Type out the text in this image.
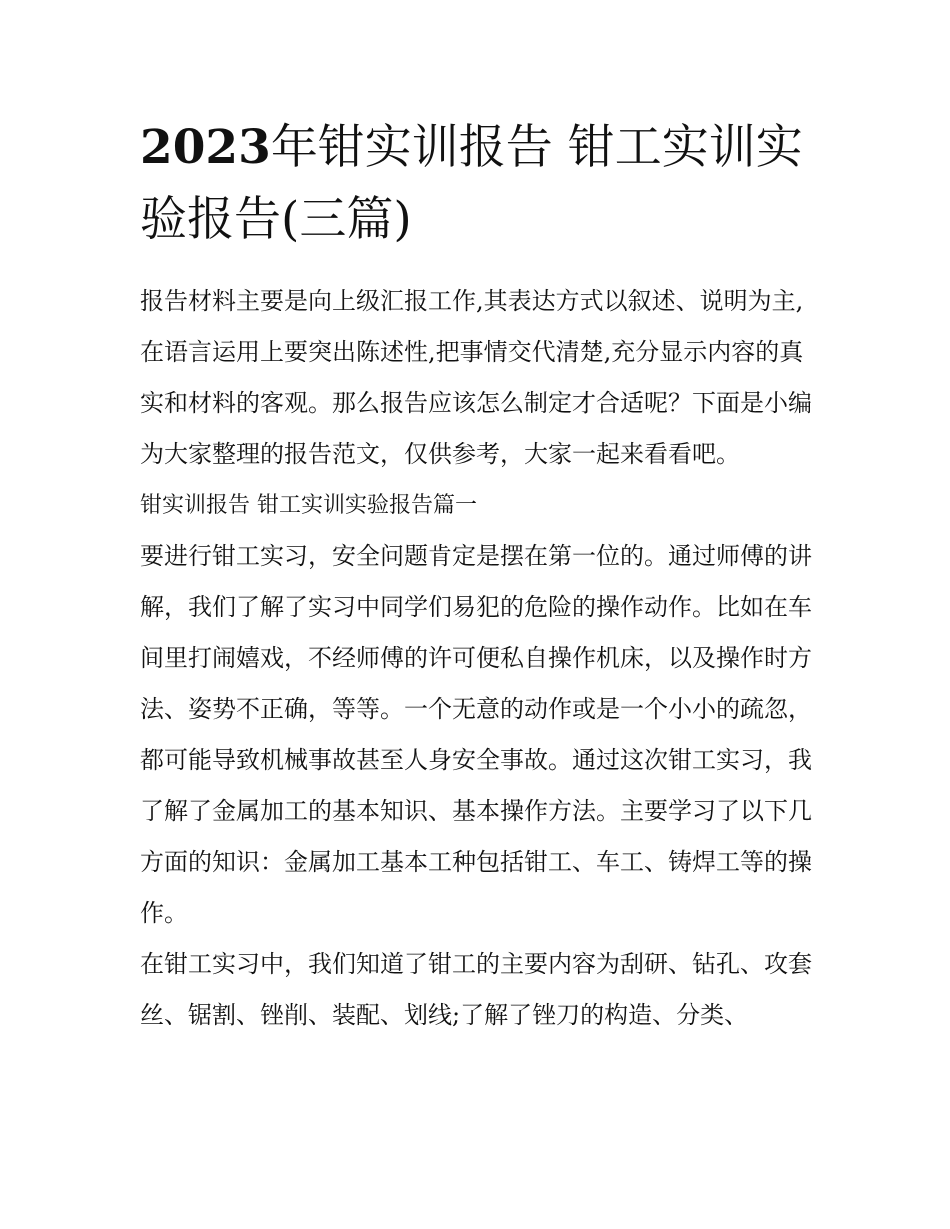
2023年钳实训报告 钳工实训实验报告(三篇)

报告材料主要是向上级汇报工作,其表达方式以叙述、说明为主,在语言运用上要突出陈述性,把事情交代清楚,充分显示内容的真实和材料的客观。那么报告应该怎么制定才合适呢？下面是小编为大家整理的报告范文，仅供参考，大家一起来看看吧。

钳实训报告 钳工实训实验报告篇一

要进行钳工实习，安全问题肯定是摆在第一位的。通过师傅的讲解，我们了解了实习中同学们易犯的危险的操作动作。比如在车间里打闹嬉戏，不经师傅的许可便私自操作机床，以及操作时方法、姿势不正确，等等。一个无意的动作或是一个小小的疏忽，都可能导致机械事故甚至人身安全事故。通过这次钳工实习，我了解了金属加工的基本知识、基本操作方法。主要学习了以下几方面的知识：金属加工基本工种包括钳工、车工、铸焊工等的操作。

在钳工实习中，我们知道了钳工的主要内容为刮研、钻孔、攻套丝、锯割、锉削、装配、划线;了解了锉刀的构造、分类、
